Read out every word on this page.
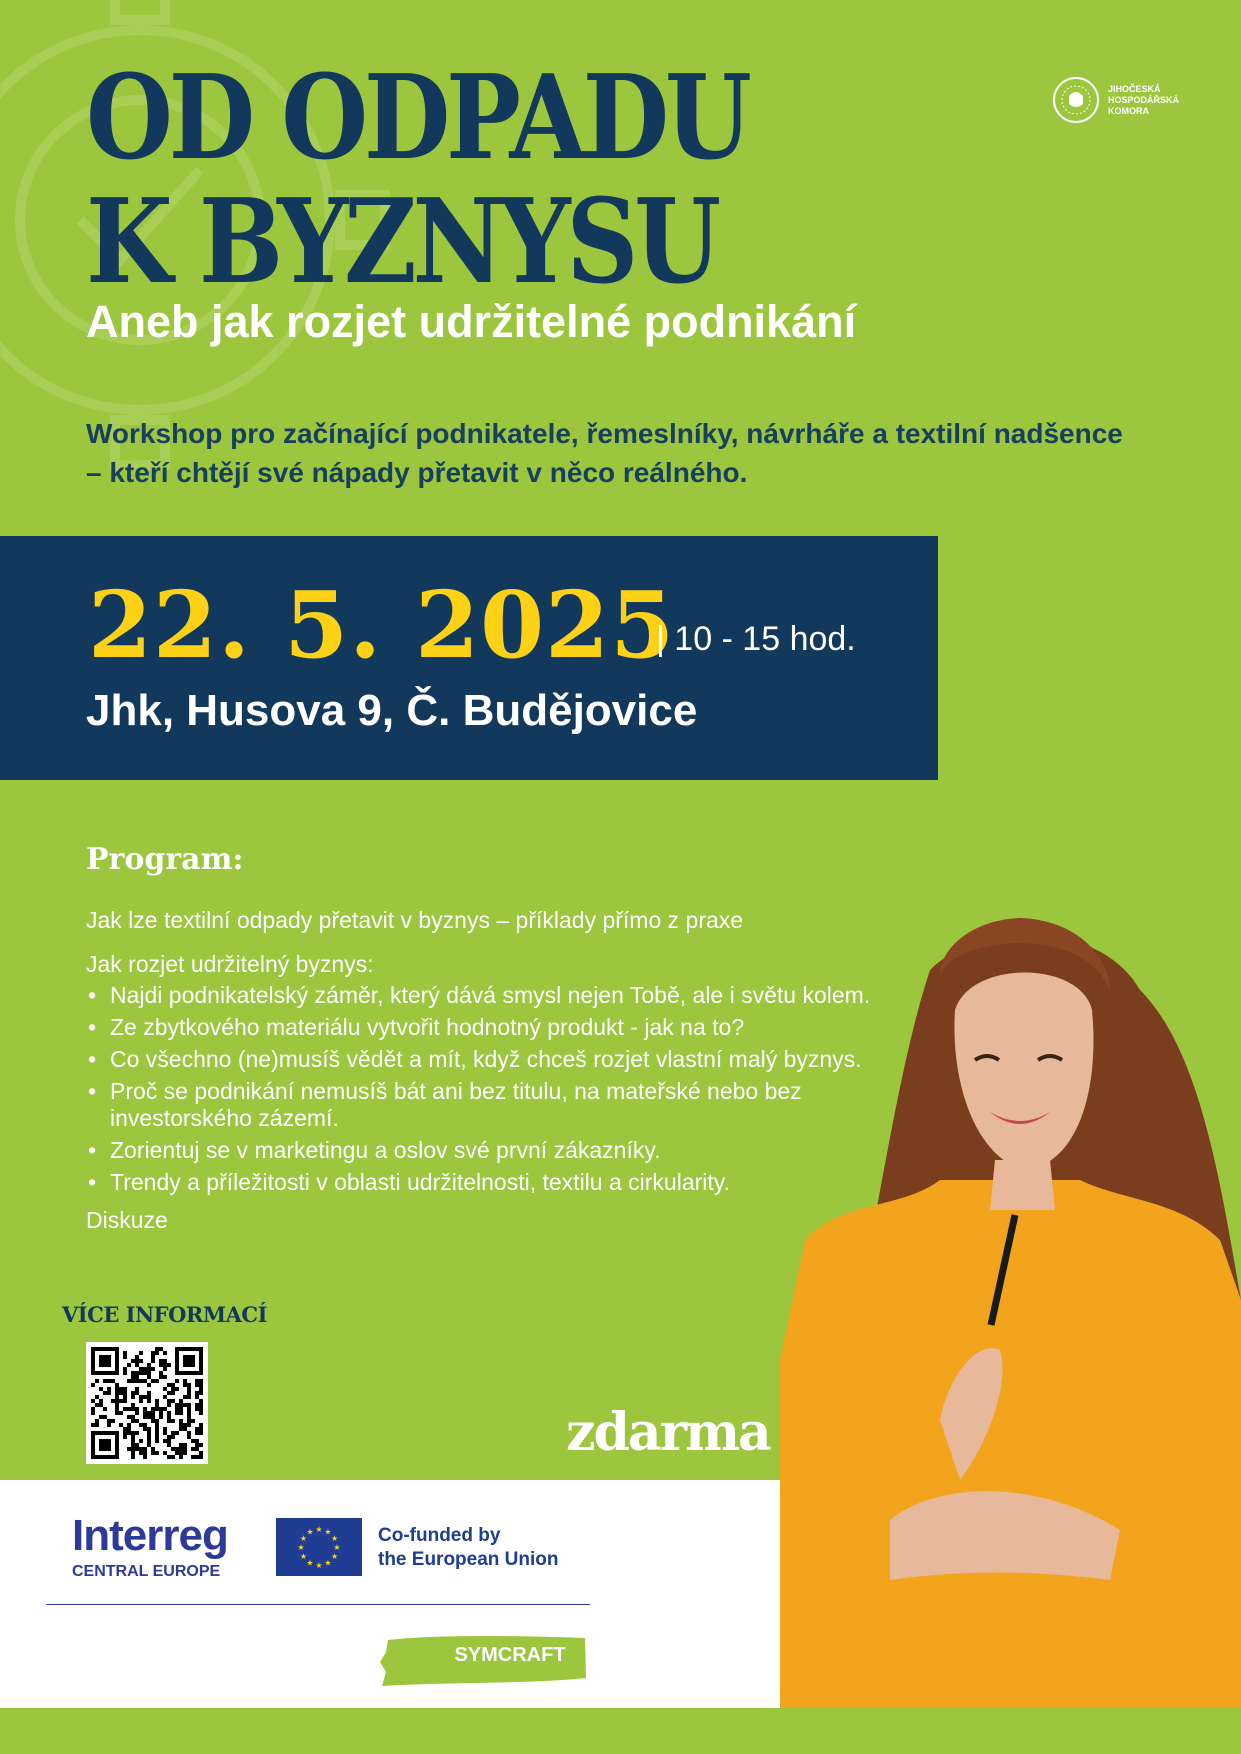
OD ODPADU
K BYZNYSU
Aneb jak rozjet udržitelné podnikání
JIHOČESKÁ
HOSPODÁŘSKÁ
KOMORA
Workshop pro začínající podnikatele, řemeslníky, návrháře a textilní nadšence
– kteří chtějí své nápady přetavit v něco reálného.
22. 5. 2025
| 10 - 15 hod.
Jhk, Husova 9, Č. Budějovice
Program:

Jak lze textilní odpady přetavit v byznys – příklady přímo z praxe

Jak rozjet udržitelný byznys:

• Najdi podnikatelský záměr, který dává smysl nejen Tobě, ale i světu kolem.
• Ze zbytkového materiálu vytvořit hodnotný produkt - jak na to?
• Co všechno (ne)musíš vědět a mít, když chceš rozjet vlastní malý byznys.
• Proč se podnikání nemusíš bát ani bez titulu, na mateřské nebo bez investorského zázemí.
• Zorientuj se v marketingu a oslov své první zákazníky.
• Trendy a příležitosti v oblasti udržitelnosti, textilu a cirkularity.

Diskuze

VÍCE INFORMACÍ
zdarma
Interreg
CENTRAL EUROPE
★
★
★
★
★
★
★
★
★ ★ ★
★ Co-funded by
the European Union
SYMCRAFT
